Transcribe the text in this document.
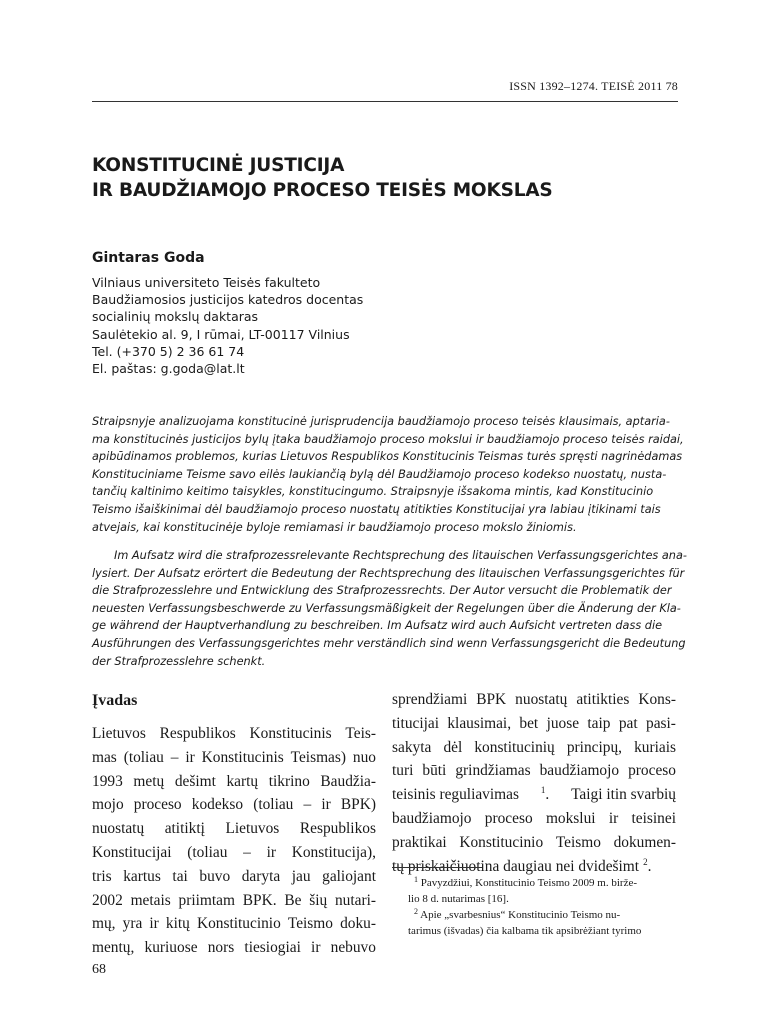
ISSN 1392–1274. TEISĖ 2011 78
KONSTITUCINĖ JUSTICIJA
IR BAUDŽIAMOJO PROCESO TEISĖS MOKSLAS
Gintaras Goda
Vilniaus universiteto Teisės fakulteto
Baudžiamosios justicijos katedros docentas
socialinių mokslų daktaras
Saulėtekio al. 9, I rūmai, LT-00117 Vilnius
Tel. (+370 5) 2 36 61 74
El. paštas: g.goda@lat.lt
Straipsnyje analizuojama konstitucinė jurisprudencija baudžiamojo proceso teisės klausimais, aptaria-
ma konstitucinės justicijos bylų įtaka baudžiamojo proceso mokslui ir baudžiamojo proceso teisės raidai,
apibūdinamos problemos, kurias Lietuvos Respublikos Konstitucinis Teismas turės spręsti nagrinėdamas
Konstituciniame Teisme savo eilės laukiančią bylą dėl Baudžiamojo proceso kodekso nuostatų, nusta-
tančių kaltinimo keitimo taisykles, konstitucingumo. Straipsnyje išsakoma mintis, kad Konstitucinio
Teismo išaiškinimai dėl baudžiamojo proceso nuostatų atitikties Konstitucijai yra labiau įtikinami tais
atvejais, kai konstitucinėje byloje remiamasi ir baudžiamojo proceso mokslo žiniomis.
Im Aufsatz wird die strafprozessrelevante Rechtsprechung des litauischen Verfassungsgerichtes ana-
lysiert. Der Aufsatz erörtert die Bedeutung der Rechtsprechung des litauischen Verfassungsgerichtes für
die Strafprozesslehre und Entwicklung des Strafprozessrechts. Der Autor versucht die Problematik der
neuesten Verfassungsbeschwerde zu Verfassungsmäßigkeit der Regelungen über die Änderung der Kla-
ge während der Hauptverhandlung zu beschreiben. Im Aufsatz wird auch Aufsicht vertreten dass die
Ausführungen des Verfassungsgerichtes mehr verständlich sind wenn Verfassungsgericht die Bedeutung
der Strafprozesslehre schenkt.
Įvadas
Lietuvos Respublikos Konstitucinis Teis-
mas (toliau – ir Konstitucinis Teismas) nuo
1993 metų dešimt kartų tikrino Baudžia-
mojo proceso kodekso (toliau – ir BPK)
nuostatų atitiktį Lietuvos Respublikos
Konstitucijai (toliau – ir Konstitucija),
tris kartus tai buvo daryta jau galiojant
2002 metais priimtam BPK. Be šių nutari-
mų, yra ir kitų Konstitucinio Teismo doku-
mentų, kuriuose nors tiesiogiai ir nebuvo
sprendžiami BPK nuostatų atitikties Kons-
titucijai klausimai, bet juose taip pat pasi-
sakyta dėl konstitucinių principų, kuriais
turi būti grindžiamas baudžiamojo proceso
teisinis reguliavimas $^1$. Taigi itin svarbių
baudžiamojo proceso mokslui ir teisinei
praktikai Konstitucinio Teismo dokumen-
tų priskaičiuotina daugiau nei dvidešimt $^2$.
$^1$ Pavyzdžiui, Konstitucinio Teismo 2009 m. birže-
lio 8 d. nutarimas [16].
$^2$ Apie „svarbesnius“ Konstitucinio Teismo nu-
tarimus (išvadas) čia kalbama tik apsibrėžiant tyrimo
68
